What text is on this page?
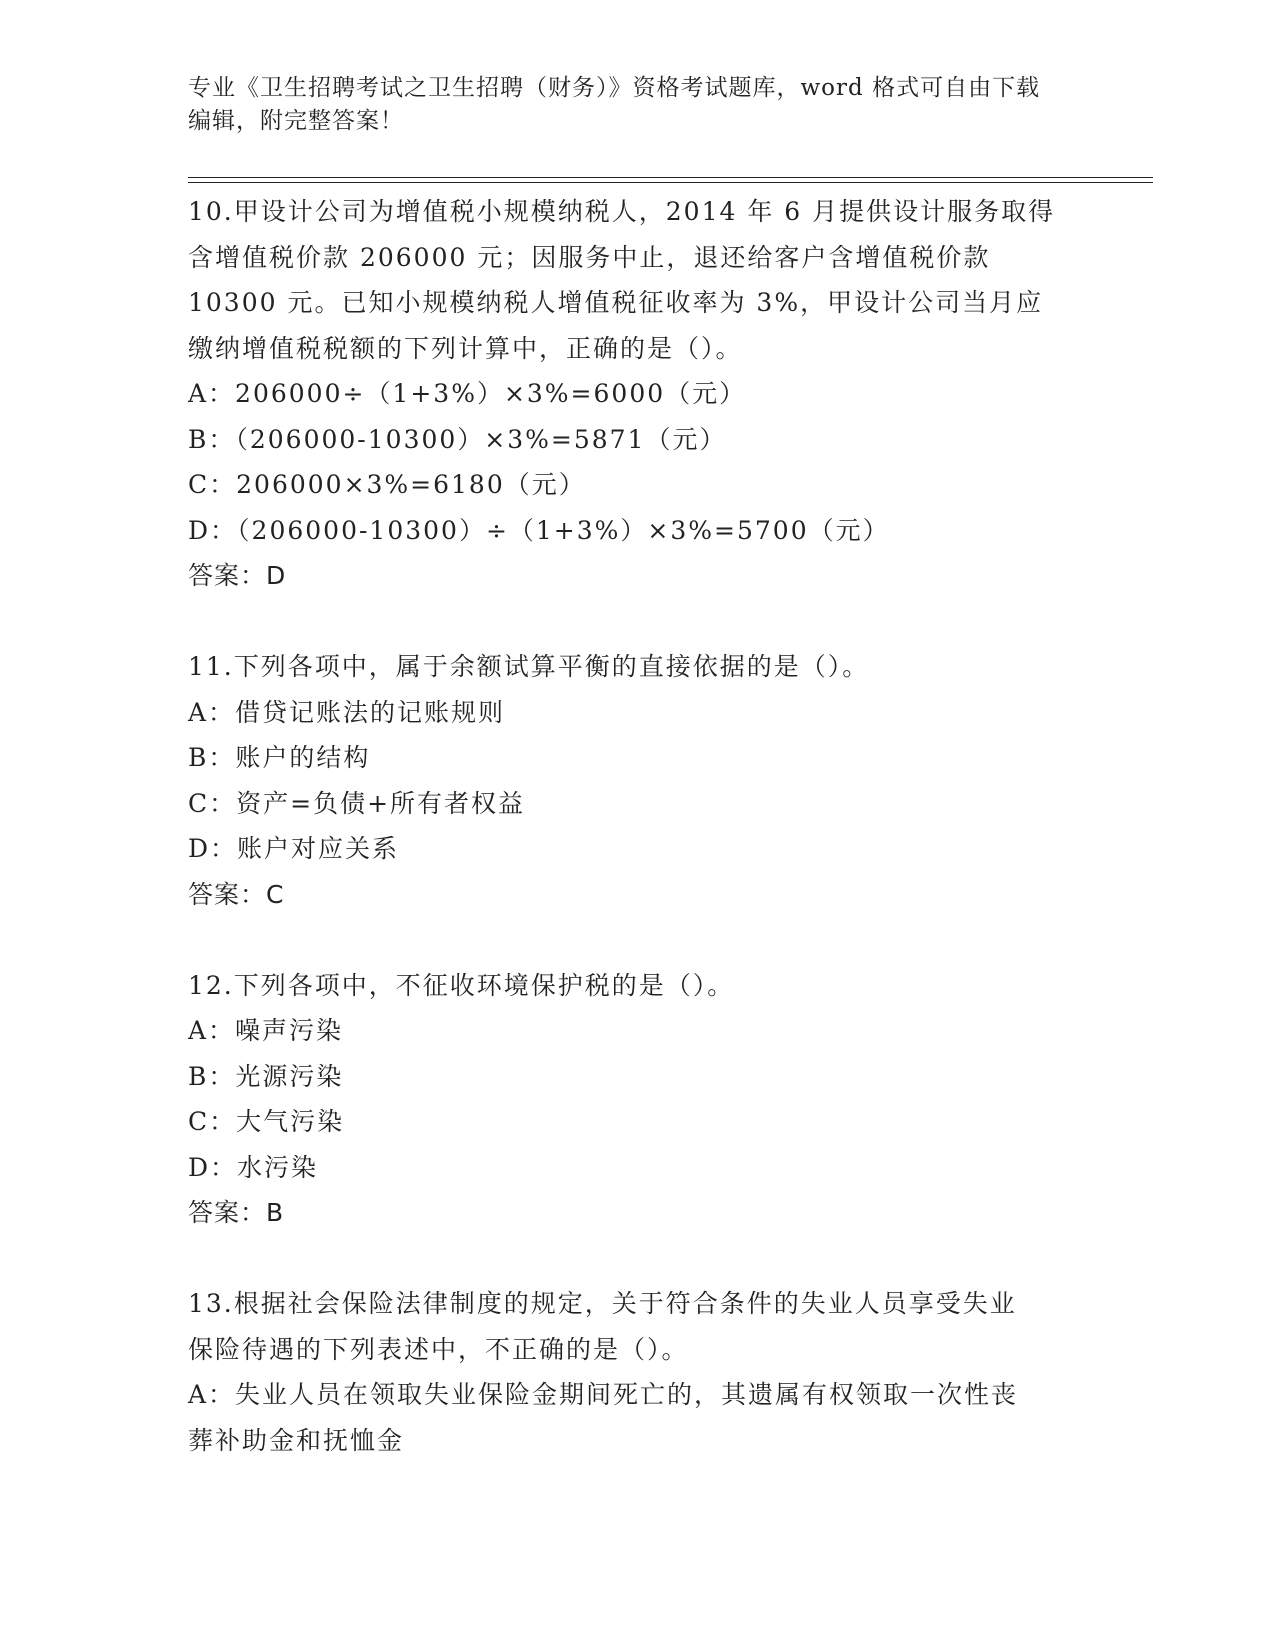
专业《卫生招聘考试之卫生招聘（财务）》资格考试题库，word 格式可自由下载
编辑，附完整答案！

10.甲设计公司为增值税小规模纳税人，2014 年 6 月提供设计服务取得

含增值税价款 206000 元；因服务中止，退还给客户含增值税价款

10300 元。已知小规模纳税人增值税征收率为 3%，甲设计公司当月应

缴纳增值税税额的下列计算中，正确的是（）。

A：206000÷（1+3%）×3%=6000（元）

B：（206000-10300）×3%=5871（元）

C：206000×3%=6180（元）

D：（206000-10300）÷（1+3%）×3%=5700（元）

答案：D

11.下列各项中，属于余额试算平衡的直接依据的是（）。

A：借贷记账法的记账规则

B：账户的结构

C：资产=负债+所有者权益

D：账户对应关系

答案：C

12.下列各项中，不征收环境保护税的是（）。

A：噪声污染

B：光源污染

C：大气污染

D：水污染

答案：B

13.根据社会保险法律制度的规定，关于符合条件的失业人员享受失业

保险待遇的下列表述中，不正确的是（）。

A：失业人员在领取失业保险金期间死亡的，其遗属有权领取一次性丧

葬补助金和抚恤金
